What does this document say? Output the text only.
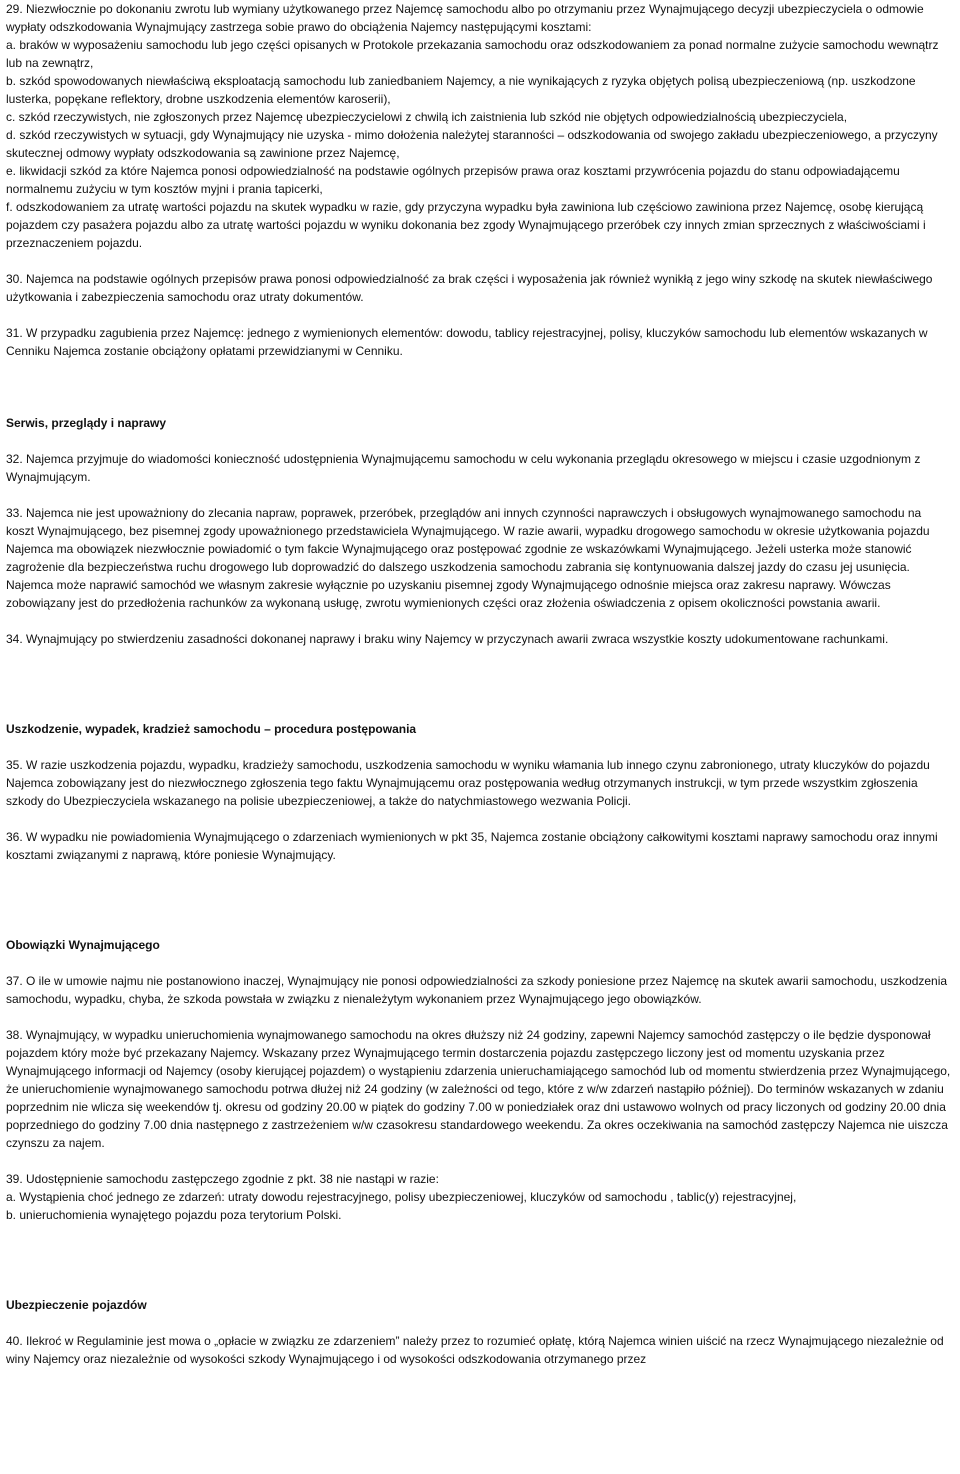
29. Niezwłocznie po dokonaniu zwrotu lub wymiany użytkowanego przez Najemcę samochodu albo po otrzymaniu przez Wynajmującego decyzji ubezpieczyciela o odmowie wypłaty odszkodowania Wynajmujący zastrzega sobie prawo do obciążenia Najemcy następującymi kosztami:

a. braków w wyposażeniu samochodu lub jego części opisanych w Protokole przekazania samochodu oraz odszkodowaniem za ponad normalne zużycie samochodu wewnątrz lub na zewnątrz,

b. szkód spowodowanych niewłaściwą eksploatacją samochodu lub zaniedbaniem Najemcy, a nie wynikających z ryzyka objętych polisą ubezpieczeniową (np. uszkodzone lusterka, popękane reflektory, drobne uszkodzenia elementów karoserii),

c. szkód rzeczywistych, nie zgłoszonych przez Najemcę ubezpieczycielowi z chwilą ich zaistnienia lub szkód nie objętych odpowiedzialnością ubezpieczyciela,

d. szkód rzeczywistych w sytuacji, gdy Wynajmujący nie uzyska - mimo dołożenia należytej staranności – odszkodowania od swojego zakładu ubezpieczeniowego, a przyczyny skutecznej odmowy wypłaty odszkodowania są zawinione przez Najemcę,

e. likwidacji szkód za które Najemca ponosi odpowiedzialność na podstawie ogólnych przepisów prawa oraz kosztami przywrócenia pojazdu do stanu odpowiadającemu normalnemu zużyciu w tym kosztów myjni i prania tapicerki,

f. odszkodowaniem za utratę wartości pojazdu na skutek wypadku w razie, gdy przyczyna wypadku była zawiniona lub częściowo zawiniona przez Najemcę, osobę kierującą pojazdem czy pasażera pojazdu albo za utratę wartości pojazdu w wyniku dokonania bez zgody Wynajmującego przeróbek czy innych zmian sprzecznych z właściwościami i przeznaczeniem pojazdu.

30. Najemca na podstawie ogólnych przepisów prawa ponosi odpowiedzialność za brak części i wyposażenia jak również wynikłą z jego winy szkodę na skutek niewłaściwego użytkowania i zabezpieczenia samochodu oraz utraty dokumentów.

31. W przypadku zagubienia przez Najemcę: jednego z wymienionych elementów: dowodu, tablicy rejestracyjnej, polisy, kluczyków samochodu lub elementów wskazanych w Cenniku Najemca zostanie obciążony opłatami przewidzianymi w Cenniku.

Serwis, przeglądy i naprawy

32. Najemca przyjmuje do wiadomości konieczność udostępnienia Wynajmującemu samochodu w celu wykonania przeglądu okresowego w miejscu i czasie uzgodnionym z Wynajmującym.

33. Najemca nie jest upoważniony do zlecania napraw, poprawek, przeróbek, przeglądów ani innych czynności naprawczych i obsługowych wynajmowanego samochodu na koszt Wynajmującego, bez pisemnej zgody upoważnionego przedstawiciela Wynajmującego. W razie awarii, wypadku drogowego samochodu w okresie użytkowania pojazdu Najemca ma obowiązek niezwłocznie powiadomić o tym fakcie Wynajmującego oraz postępować zgodnie ze wskazówkami Wynajmującego. Jeżeli usterka może stanowić zagrożenie dla bezpieczeństwa ruchu drogowego lub doprowadzić do dalszego uszkodzenia samochodu zabrania się kontynuowania dalszej jazdy do czasu jej usunięcia. Najemca może naprawić samochód we własnym zakresie wyłącznie po uzyskaniu pisemnej zgody Wynajmującego odnośnie miejsca oraz zakresu naprawy. Wówczas zobowiązany jest do przedłożenia rachunków za wykonaną usługę, zwrotu wymienionych części oraz złożenia oświadczenia z opisem okoliczności powstania awarii.

34. Wynajmujący po stwierdzeniu zasadności dokonanej naprawy i braku winy Najemcy w przyczynach awarii zwraca wszystkie koszty udokumentowane rachunkami.

Uszkodzenie, wypadek, kradzież samochodu – procedura postępowania

35. W razie uszkodzenia pojazdu, wypadku, kradzieży samochodu, uszkodzenia samochodu w wyniku włamania lub innego czynu zabronionego, utraty kluczyków do pojazdu Najemca zobowiązany jest do niezwłocznego zgłoszenia tego faktu Wynajmującemu oraz postępowania według otrzymanych instrukcji, w tym przede wszystkim zgłoszenia szkody do Ubezpieczyciela wskazanego na polisie ubezpieczeniowej, a także do natychmiastowego wezwania Policji.

36. W wypadku nie powiadomienia Wynajmującego o zdarzeniach wymienionych w pkt 35, Najemca zostanie obciążony całkowitymi kosztami naprawy samochodu oraz innymi kosztami związanymi z naprawą, które poniesie Wynajmujący.

Obowiązki Wynajmującego

37. O ile w umowie najmu nie postanowiono inaczej, Wynajmujący nie ponosi odpowiedzialności za szkody poniesione przez Najemcę na skutek awarii samochodu, uszkodzenia samochodu, wypadku, chyba, że szkoda powstała w związku z nienależytym wykonaniem przez Wynajmującego jego obowiązków.

38. Wynajmujący, w wypadku unieruchomienia wynajmowanego samochodu na okres dłuższy niż 24 godziny, zapewni Najemcy samochód zastępczy o ile będzie dysponował pojazdem który może być przekazany Najemcy. Wskazany przez Wynajmującego termin dostarczenia pojazdu zastępczego liczony jest od momentu uzyskania przez Wynajmującego informacji od Najemcy (osoby kierującej pojazdem) o wystąpieniu zdarzenia unieruchamiającego samochód lub od momentu stwierdzenia przez Wynajmującego, że unieruchomienie wynajmowanego samochodu potrwa dłużej niż 24 godziny (w zależności od tego, które z w/w zdarzeń nastąpiło później). Do terminów wskazanych w zdaniu poprzednim nie wlicza się weekendów tj. okresu od godziny 20.00 w piątek do godziny 7.00 w poniedziałek oraz dni ustawowo wolnych od pracy liczonych od godziny 20.00 dnia poprzedniego do godziny 7.00 dnia następnego z zastrzeżeniem w/w czasokresu standardowego weekendu. Za okres oczekiwania na samochód zastępczy Najemca nie uiszcza czynszu za najem.

39. Udostępnienie samochodu zastępczego zgodnie z pkt. 38 nie nastąpi w razie:

a. Wystąpienia choć jednego ze zdarzeń: utraty dowodu rejestracyjnego, polisy ubezpieczeniowej, kluczyków od samochodu , tablic(y) rejestracyjnej,

b. unieruchomienia wynajętego pojazdu poza terytorium Polski.

Ubezpieczenie pojazdów

40. Ilekroć w Regulaminie jest mowa o „opłacie w związku ze zdarzeniem” należy przez to rozumieć opłatę, którą Najemca winien uiścić na rzecz Wynajmującego niezależnie od winy Najemcy oraz niezależnie od wysokości szkody Wynajmującego i od wysokości odszkodowania otrzymanego przez
